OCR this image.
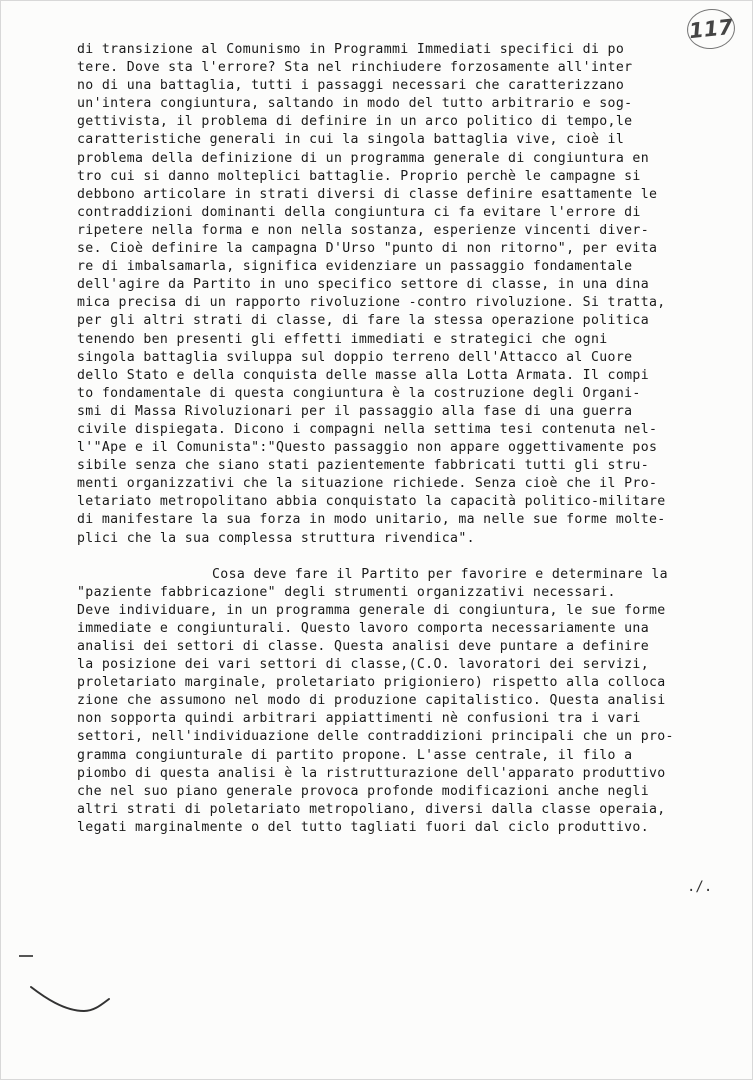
117
di transizione al Comunismo in Programmi Immediati specifici di po
tere. Dove sta l'errore? Sta nel rinchiudere forzosamente all'inter
no di una battaglia, tutti i passaggi necessari che caratterizzano
un'intera congiuntura, saltando in modo del tutto arbitrario e sog-
gettivista, il problema di definire in un arco politico di tempo,le
caratteristiche generali in cui la singola battaglia vive, cioè il
problema della definizione di un programma generale di congiuntura en
tro cui si danno molteplici battaglie. Proprio perchè le campagne si
debbono articolare in strati diversi di classe definire esattamente le
contraddizioni dominanti della congiuntura ci fa evitare l'errore di
ripetere nella forma e non nella sostanza, esperienze vincenti diver-
se. Cioè definire la campagna D'Urso "punto di non ritorno", per evita
re di imbalsamarla, significa evidenziare un passaggio fondamentale
dell'agire da Partito in uno specifico settore di classe, in una dina
mica precisa di un rapporto rivoluzione -contro rivoluzione. Si tratta,
per gli altri strati di classe, di fare la stessa operazione politica
tenendo ben presenti gli effetti immediati e strategici che ogni
singola battaglia sviluppa sul doppio terreno dell'Attacco al Cuore
dello Stato e della conquista delle masse alla Lotta Armata. Il compi
to fondamentale di questa congiuntura è la costruzione degli Organi-
smi di Massa Rivoluzionari per il passaggio alla fase di una guerra
civile dispiegata. Dicono i compagni nella settima tesi contenuta nel-
l'"Ape e il Comunista":"Questo passaggio non appare oggettivamente pos
sibile senza che siano stati pazientemente fabbricati tutti gli stru-
menti organizzativi che la situazione richiede. Senza cioè che il Pro-
letariato metropolitano abbia conquistato la capacità politico-militare
di manifestare la sua forza in modo unitario, ma nelle sue forme molte-
plici che la sua complessa struttura rivendica".
Cosa deve fare il Partito per favorire e determinare la
"paziente fabbricazione" degli strumenti organizzativi necessari.
Deve individuare, in un programma generale di congiuntura, le sue forme
immediate e congiunturali. Questo lavoro comporta necessariamente una
analisi dei settori di classe. Questa analisi deve puntare a definire
la posizione dei vari settori di classe,(C.O. lavoratori dei servizi,
proletariato marginale, proletariato prigioniero) rispetto alla colloca
zione che assumono nel modo di produzione capitalistico. Questa analisi
non sopporta quindi arbitrari appiattimenti nè confusioni tra i vari
settori, nell'individuazione delle contraddizioni principali che un pro-
gramma congiunturale di partito propone. L'asse centrale, il filo a
piombo di questa analisi è la ristrutturazione dell'apparato produttivo
che nel suo piano generale provoca profonde modificazioni anche negli
altri strati di poletariato metropoliano, diversi dalla classe operaia,
legati marginalmente o del tutto tagliati fuori dal ciclo produttivo.
./.
